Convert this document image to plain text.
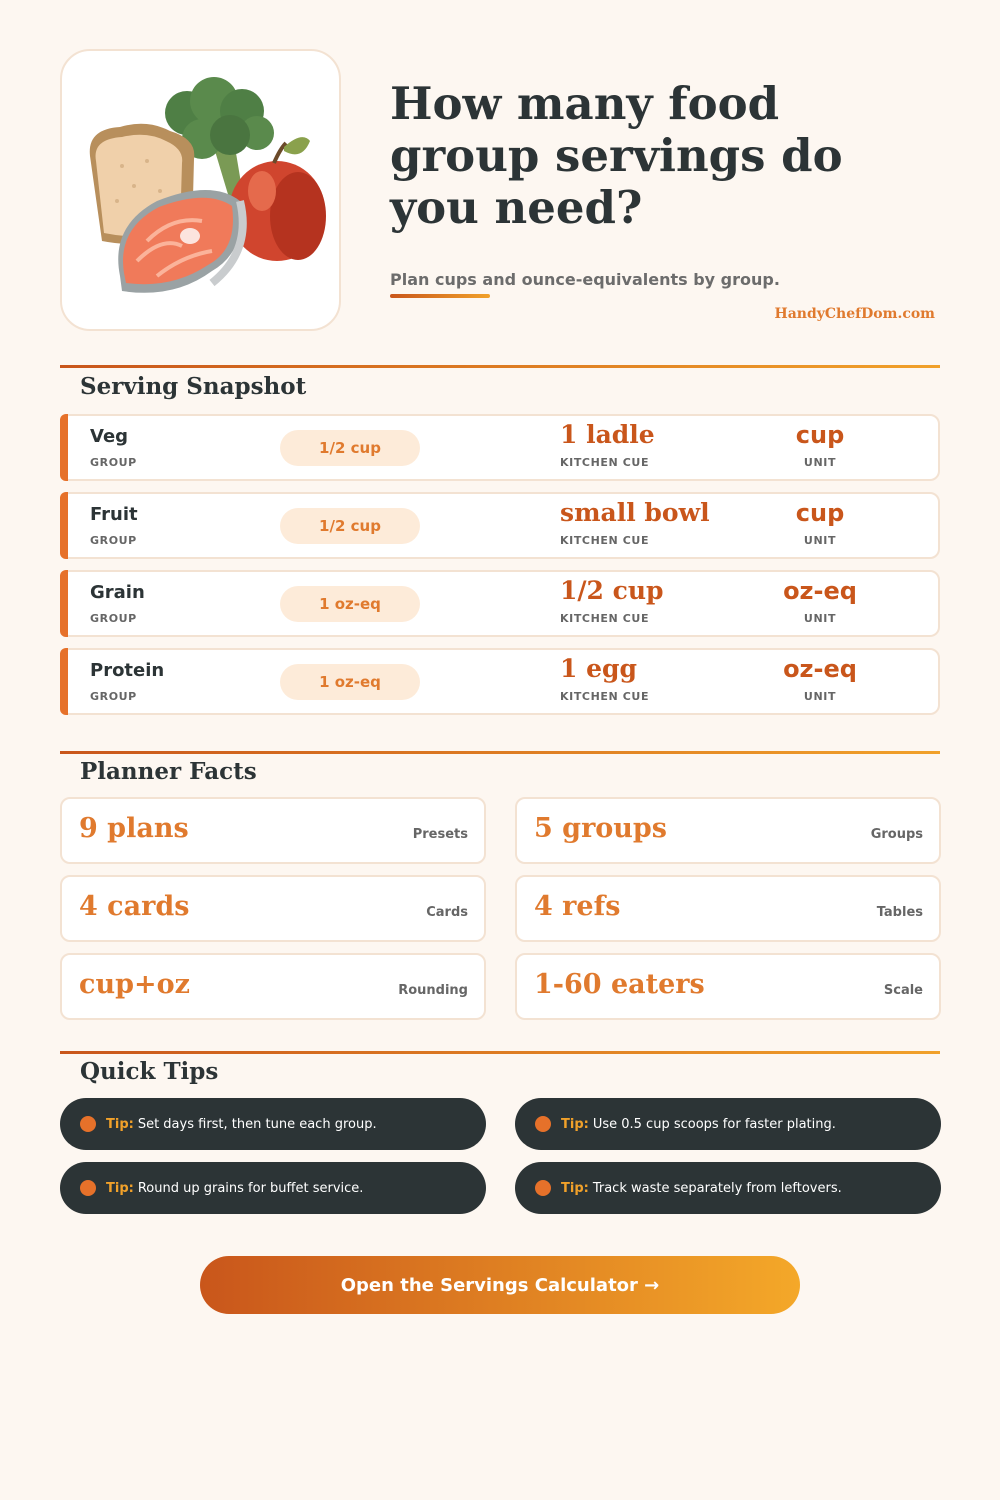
How many food group servings do you need?
Plan cups and ounce-equivalents by group.
HandyChefDom.com
Serving Snapshot
Veg
GROUP
1/2 cup	1 ladle
KITCHEN CUE
cup
UNIT
Fruit
GROUP
1/2 cup	small bowl
KITCHEN CUE
cup
UNIT
Grain
GROUP
1 oz-eq	1/2 cup
KITCHEN CUE
oz-eq
UNIT
Protein
GROUP
1 oz-eq	1 egg
KITCHEN CUE
oz-eq
UNIT
Planner Facts
9 plans	Presets 5 groups	Groups
4 cards	Cards 4 refs	Tables
cup+oz	Rounding 1-60 eaters	Scale
Quick Tips
Tip: Set days first, then tune each group.	Tip: Use 0.5 cup scoops for faster plating.
Tip: Round up grains for buffet service.	Tip: Track waste separately from leftovers.
Open the Servings Calculator →
